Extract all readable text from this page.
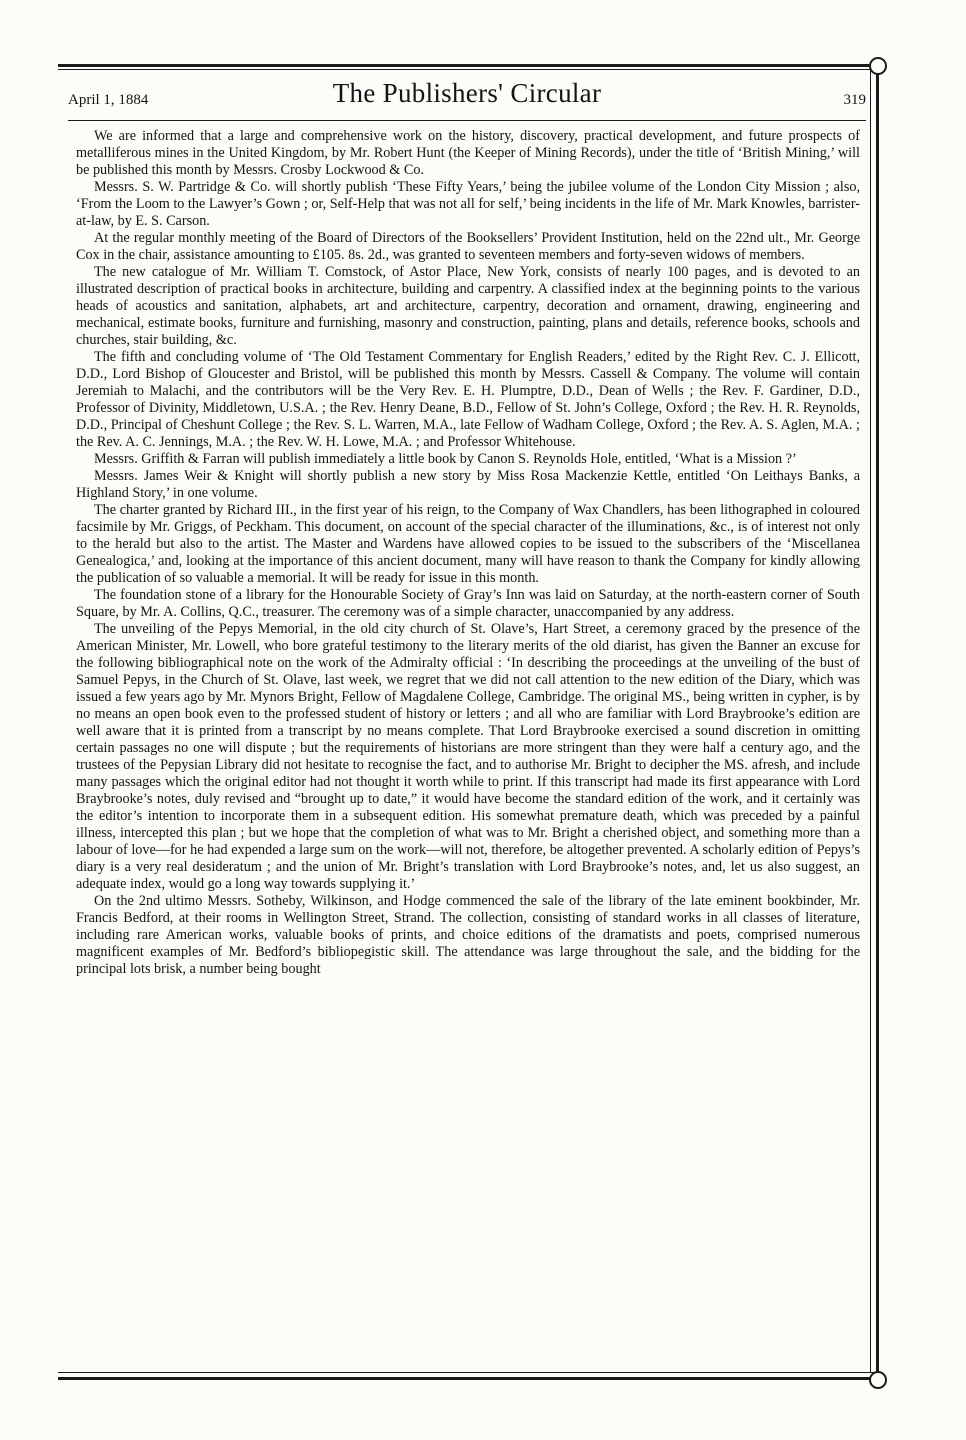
April 1, 1884	The Publishers' Circular	319

We are informed that a large and comprehensive work on the history, discovery, practical development, and future prospects of metalliferous mines in the United Kingdom, by Mr. Robert Hunt (the Keeper of Mining Records), under the title of ‘British Mining,’ will be published this month by Messrs. Crosby Lockwood & Co.

Messrs. S. W. Partridge & Co. will shortly publish ‘These Fifty Years,’ being the jubilee volume of the London City Mission ; also, ‘From the Loom to the Lawyer’s Gown ; or, Self-Help that was not all for self,’ being incidents in the life of Mr. Mark Knowles, barrister-at-law, by E. S. Carson.

At the regular monthly meeting of the Board of Directors of the Booksellers’ Provident Institution, held on the 22nd ult., Mr. George Cox in the chair, assistance amounting to £105. 8s. 2d., was granted to seventeen members and forty-seven widows of members.

The new catalogue of Mr. William T. Comstock, of Astor Place, New York, consists of nearly 100 pages, and is devoted to an illustrated description of practical books in architecture, building and carpentry. A classified index at the beginning points to the various heads of acoustics and sanitation, alphabets, art and architecture, carpentry, decoration and ornament, drawing, engineering and mechanical, estimate books, furniture and furnishing, masonry and construction, painting, plans and details, reference books, schools and churches, stair building, &c.

The fifth and concluding volume of ‘The Old Testament Commentary for English Readers,’ edited by the Right Rev. C. J. Ellicott, D.D., Lord Bishop of Gloucester and Bristol, will be published this month by Messrs. Cassell & Company. The volume will contain Jeremiah to Malachi, and the contributors will be the Very Rev. E. H. Plumptre, D.D., Dean of Wells ; the Rev. F. Gardiner, D.D., Professor of Divinity, Middletown, U.S.A. ; the Rev. Henry Deane, B.D., Fellow of St. John’s College, Oxford ; the Rev. H. R. Reynolds, D.D., Principal of Cheshunt College ; the Rev. S. L. Warren, M.A., late Fellow of Wadham College, Oxford ; the Rev. A. S. Aglen, M.A. ; the Rev. A. C. Jennings, M.A. ; the Rev. W. H. Lowe, M.A. ; and Professor Whitehouse.

Messrs. Griffith & Farran will publish immediately a little book by Canon S. Reynolds Hole, entitled, ‘What is a Mission ?’

Messrs. James Weir & Knight will shortly publish a new story by Miss Rosa Mackenzie Kettle, entitled ‘On Leithays Banks, a Highland Story,’ in one volume.

The charter granted by Richard III., in the first year of his reign, to the Company of Wax Chandlers, has been lithographed in coloured facsimile by Mr. Griggs, of Peckham. This document, on account of the special character of the illuminations, &c., is of interest not only to the herald but also to the artist. The Master and Wardens have allowed copies to be issued to the subscribers of the ‘Miscellanea Genealogica,’ and, looking at the importance of this ancient document, many will have reason to thank the Company for kindly allowing the publication of so valuable a memorial. It will be ready for issue in this month.

The foundation stone of a library for the Honourable Society of Gray’s Inn was laid on Saturday, at the north-eastern corner of South Square, by Mr. A. Collins, Q.C., treasurer. The ceremony was of a simple character, unaccompanied by any address.

The unveiling of the Pepys Memorial, in the old city church of St. Olave’s, Hart Street, a ceremony graced by the presence of the American Minister, Mr. Lowell, who bore grateful testimony to the literary merits of the old diarist, has given the Banner an excuse for the following bibliographical note on the work of the Admiralty official : ‘In describing the proceedings at the unveiling of the bust of Samuel Pepys, in the Church of St. Olave, last week, we regret that we did not call attention to the new edition of the Diary, which was issued a few years ago by Mr. Mynors Bright, Fellow of Magdalene College, Cambridge. The original MS., being written in cypher, is by no means an open book even to the professed student of history or letters ; and all who are familiar with Lord Braybrooke’s edition are well aware that it is printed from a transcript by no means complete. That Lord Braybrooke exercised a sound discretion in omitting certain passages no one will dispute ; but the requirements of historians are more stringent than they were half a century ago, and the trustees of the Pepysian Library did not hesitate to recognise the fact, and to authorise Mr. Bright to decipher the MS. afresh, and include many passages which the original editor had not thought it worth while to print. If this transcript had made its first appearance with Lord Braybrooke’s notes, duly revised and “brought up to date,” it would have become the standard edition of the work, and it certainly was the editor’s intention to incorporate them in a subsequent edition. His somewhat premature death, which was preceded by a painful illness, intercepted this plan ; but we hope that the completion of what was to Mr. Bright a cherished object, and something more than a labour of love—for he had expended a large sum on the work—will not, therefore, be altogether prevented. A scholarly edition of Pepys’s diary is a very real desideratum ; and the union of Mr. Bright’s translation with Lord Braybrooke’s notes, and, let us also suggest, an adequate index, would go a long way towards supplying it.’

On the 2nd ultimo Messrs. Sotheby, Wilkinson, and Hodge commenced the sale of the library of the late eminent bookbinder, Mr. Francis Bedford, at their rooms in Wellington Street, Strand. The collection, consisting of standard works in all classes of literature, including rare American works, valuable books of prints, and choice editions of the dramatists and poets, comprised numerous magnificent examples of Mr. Bedford’s bibliopegistic skill. The attendance was large throughout the sale, and the bidding for the principal lots brisk, a number being bought
